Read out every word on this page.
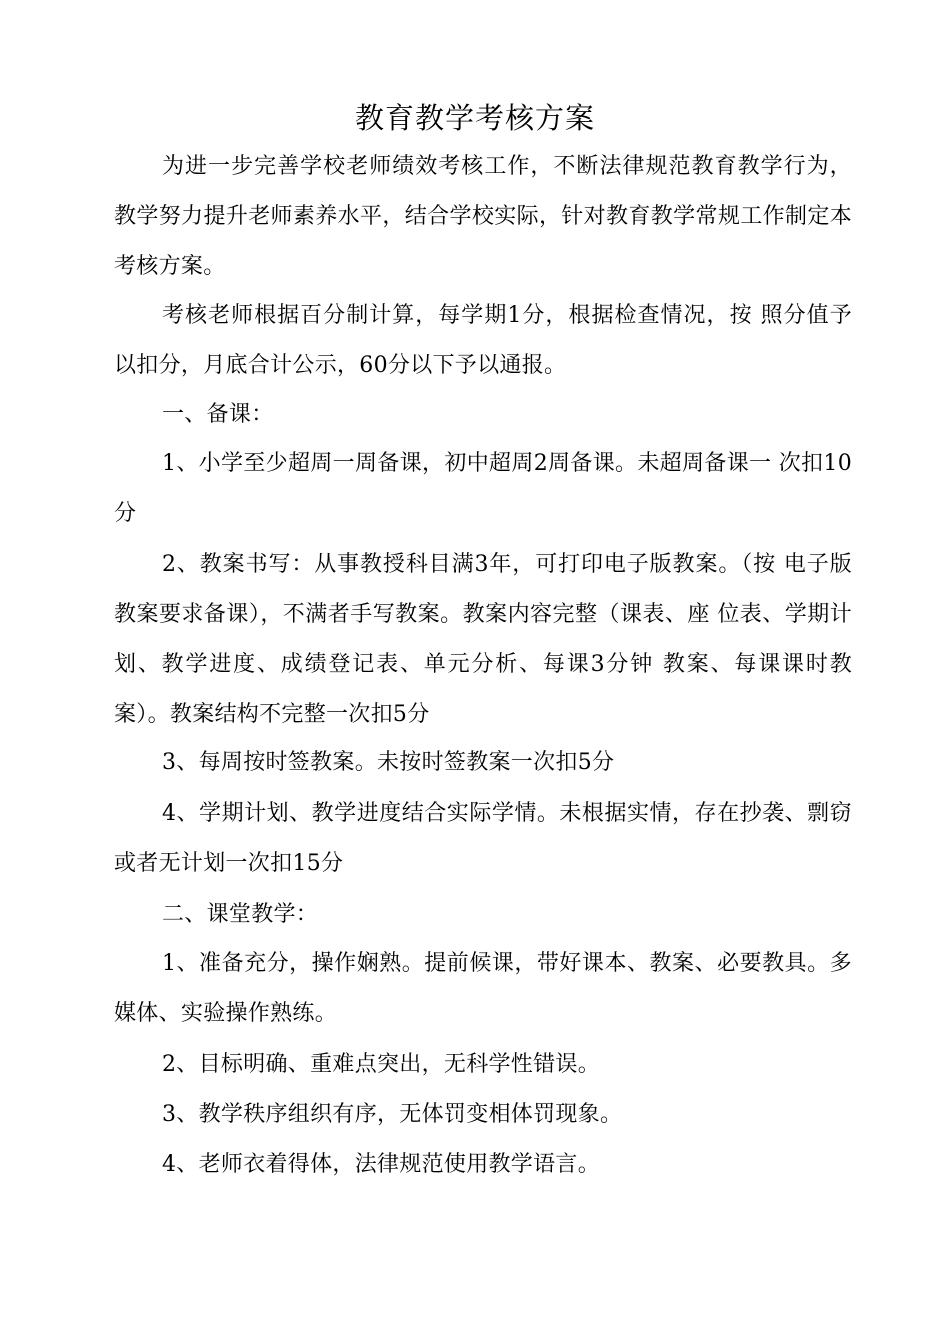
教育教学考核方案
为进一步完善学校老师绩效考核工作，不断法律规范教育教学行为， 教学努力提升老师素养水平，结合学校实际，针对教育教学常规工作制定本考核方案。
考核老师根据百分制计算，每学期1分，根据检查情况，按 照分值予以扣分，月底合计公示，60分以下予以通报。
一、备课：
1、小学至少超周一周备课，初中超周2周备课。未超周备课一 次扣10分
2、教案书写：从事教授科目满3年，可打印电子版教案。（按 电子版教案要求备课），不满者手写教案。教案内容完整（课表、座 位表、学期计划、教学进度、成绩登记表、单元分析、每课3分钟 教案、每课课时教案）。教案结构不完整一次扣5分
3、每周按时签教案。未按时签教案一次扣5分
4、学期计划、教学进度结合实际学情。未根据实情，存在抄袭、剽窃或者无计划一次扣15分
二、课堂教学：
1、准备充分，操作娴熟。提前候课，带好课本、教案、必要教具。多媒体、实验操作熟练。
2、目标明确、重难点突出，无科学性错误。
3、教学秩序组织有序，无体罚变相体罚现象。
4、老师衣着得体，法律规范使用教学语言。
